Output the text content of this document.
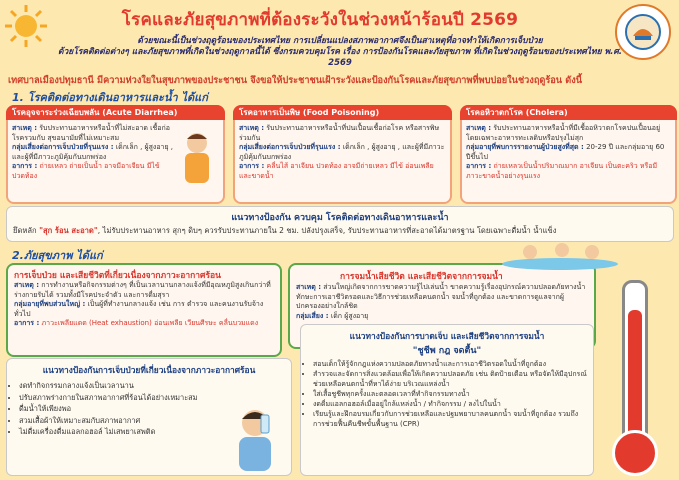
โรคและภัยสุขภาพที่ต้องระวังในช่วงหน้าร้อนปี 2569
ด้วยขณะนี้เป็นช่วงฤดูร้อนของประเทศไทย การเปลี่ยนแปลงสภาพอากาศจึงเป็นสาเหตุที่อาจทำให้เกิดการเจ็บป่วย
ด้วยโรคติดต่อต่างๆ และภัยสุขภาพที่เกิดในช่วงฤดูกาลนี้ได้ ซึ่งกรมควบคุมโรค เรื่อง การป้องกันโรคและภัยสุขภาพ ที่เกิดในช่วงฤดูร้อนของประเทศไทย พ.ศ. 2569
เทศบาลเมืองปทุมธานี มีความห่วงใยในสุขภาพของประชาชน จึงขอให้ประชาชนเฝ้าระวังและป้องกันโรคและภัยสุขภาพที่พบบ่อยในช่วงฤดูร้อน ดังนี้
1. โรคติดต่อทางเดินอาหารและน้ำ ได้แก่
โรคอุจจาระร่วงเฉียบพลัน (Acute Diarrhea)
สาเหตุ : รับประทานอาหารหรือน้ำที่ไม่สะอาด เชื้อก่อโรครวมกับ สุขอนามัยที่ไม่เหมาะสม
กลุ่มเสี่ยงต่อการเจ็บป่วยที่รุนแรง : เด็กเล็ก , ผู้สูงอายุ , และผู้ที่มีภาวะภูมิคุ้มกันบกพร่อง
อาการ : ถ่ายเหลว ถ่ายเป็นน้ำ อาจมีอาเจียน มีไข้ ปวดท้อง
โรคอาหารเป็นพิษ (Food Poisoning)
สาเหตุ : รับประทานอาหารหรือน้ำที่ปนเปื้อนเชื้อก่อโรค หรือสารพิษร่วมกัน
กลุ่มเสี่ยงต่อการเจ็บป่วยที่รุนแรง : เด็กเล็ก , ผู้สูงอายุ , และผู้ที่มีภาวะภูมิคุ้มกันบกพร่อง
อาการ : คลื่นไส้ อาเจียน ปวดท้อง อาจมีถ่ายเหลว มีไข้ อ่อนเพลีย และขาดน้ำ
โรคอหิวาตกโรค (Cholera)
สาเหตุ : รับประทานอาหารหรือน้ำที่มีเชื้ออหิวาตกโรคปนเปื้อนอยู่ โดยเฉพาะอาหารทะเลดิบหรือปรุงไม่สุก
กลุ่มอายุที่พบการรายงานผู้ป่วยสูงที่สุด : 20-29 ปี และกลุ่มอายุ 60 ปีขึ้นไป
อาการ : ถ่ายเหลวเป็นน้ำปริมาณมาก อาเจียน เป็นตะคริว หรือมีภาวะขาดน้ำอย่างรุนแรง
แนวทางป้องกัน ควบคุม โรคติดต่อทางเดินอาหารและน้ำ
ยึดหลัก "สุก ร้อน สะอาด", ไม่รับประทานอาหาร สุกๆ ดิบๆ ควรรับประทานภายใน 2 ชม. ปลังปรุงเสร็จ, รับประทานอาหารที่สะอาดได้มาตรฐาน โดยเฉพาะดื่มน้ำ น้ำแข็ง
2.ภัยสุขภาพ ได้แก่
การเจ็บป่วย และเสียชีวิตที่เกี่ยวเนื่องจากภาวะอากาศร้อน
สาเหตุ : การทำงานหรือกิจกรรมต่างๆ ที่เป็นเวลานานกลางแจ้งที่มีอุณหภูมิสูงเกินกว่าที่ร่างกายรับได้ รวมทั้งมีโรคประจำตัว และการดื่มสุรา
กลุ่มอายุที่พบส่วนใหญ่ : เป็นผู้ที่ทำงานกลางแจ้ง เช่น การ ตำรวจ และคนงานรับจ้างทั่วไป
อาการ : ภาวะเพลียแดด (Heat exhaustion) อ่อนเพลีย เวียนศีรษะ คลื่นบวมแดง
การจมน้ำเสียชีวิต และเสียชีวิตจากการจมน้ำ
สาเหตุ : ส่วนใหญ่เกิดจากการขาดความรู้ไปเล่นน้ำ ขาดความรู้เรื่องอุปกรณ์ความปลอดภัยทางน้ำ ทักษะการเอาชีวิตรอดและวิธีการช่วยเหลือคนตกน้ำ จมน้ำที่ถูกต้อง และขาดการดูแลจากผู้ปกครองอย่างใกล้ชิด
กลุ่มเสี่ยง : เด็ก ผู้สูงอายุ
แนวทางป้องกันการเจ็บป่วยที่เกี่ยวเนื่องจากภาวะอากาศร้อน
• งดทำกิจกรรมกลางแจ้งเป็นเวลานาน
• ปรับสภาพร่างกายในสภาพอากาศที่ร้อนได้อย่างเหมาะสม
• ดื่มน้ำให้เพียงพอ
• สวมเสื้อผ้าให้เหมาะสมกับสภาพอากาศ
• ไม่ดื่มเครื่องดื่มแอลกอฮอล์ ไม่เสพยาเสพติด
แนวทางป้องกันการบาดเจ็บ และเสียชีวิตจากการจมน้ำ
"ชูชีพ กฎ จดตื้น"
• สอนเด็กให้รู้จักกฎแห่งความปลอดภัยทางน้ำและการเอาชีวิตรอดในน้ำที่ถูกต้อง
• สำรวจและจัดการสิ่งแวดล้อมเพื่อให้เกิดความปลอดภัย เช่น ติดป้ายเตือน หรือจัดให้มีอุปกรณ์ช่วยเหลือคนตกน้ำที่หาได้ง่าย บริเวณแหล่งน้ำ
• ใส่เสื้อชูชีพทุกครั้งและตลอดเวลาที่ทำกิจกรรมทางน้ำ
• งดดื่มแอลกอฮอล์เมื่ออยู่ใกล้แหล่งน้ำ / ทำกิจกรรม / ลงไปในน้ำ
• เรียนรู้และฝึกอบรมเกี่ยวกับการช่วยเหลือและปฐมพยาบาลคนตกน้ำ จมน้ำที่ถูกต้อง รวมถึงการช่วยฟื้นคืนชีพขั้นพื้นฐาน (CPR)
